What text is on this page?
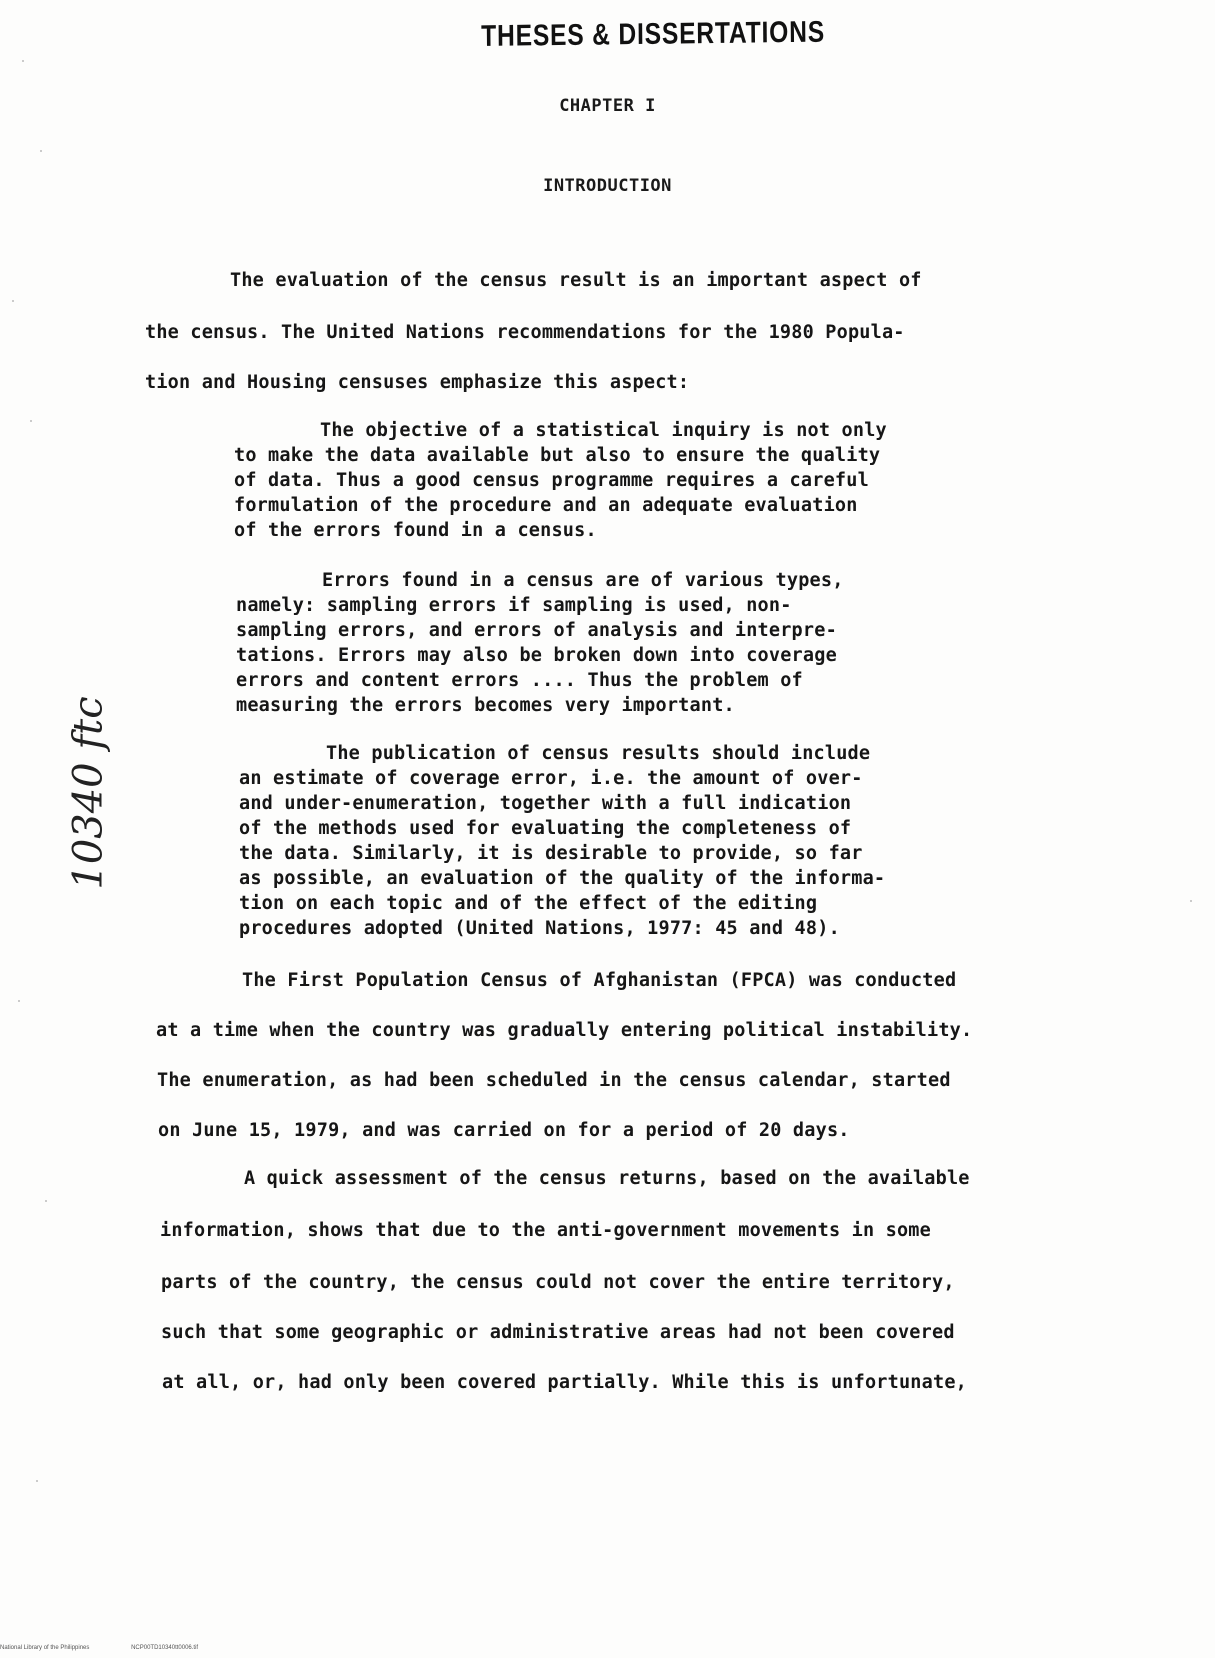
THESES & DISSERTATIONS
CHAPTER I
INTRODUCTION
The evaluation of the census result is an important aspect of
the census. The United Nations recommendations for the 1980 Popula-
tion and Housing censuses emphasize this aspect:
The objective of a statistical inquiry is not only
to make the data available but also to ensure the quality
of data. Thus a good census programme requires a careful
formulation of the procedure and an adequate evaluation
of the errors found in a census.
Errors found in a census are of various types,
namely: sampling errors if sampling is used, non-
sampling errors, and errors of analysis and interpre-
tations. Errors may also be broken down into coverage
errors and content errors .... Thus the problem of
measuring the errors becomes very important.
The publication of census results should include
an estimate of coverage error, i.e. the amount of over-
and under-enumeration, together with a full indication
of the methods used for evaluating the completeness of
the data. Similarly, it is desirable to provide, so far
as possible, an evaluation of the quality of the informa-
tion on each topic and of the effect of the editing
procedures adopted (United Nations, 1977: 45 and 48).
The First Population Census of Afghanistan (FPCA) was conducted
at a time when the country was gradually entering political instability.
The enumeration, as had been scheduled in the census calendar, started
on June 15, 1979, and was carried on for a period of 20 days.
A quick assessment of the census returns, based on the available
information, shows that due to the anti-government movements in some
parts of the country, the census could not cover the entire territory,
such that some geographic or administrative areas had not been covered
at all, or, had only been covered partially. While this is unfortunate,
10340 ftc
National Library of the Philippines	NCP00TD10340tt0006.tif
